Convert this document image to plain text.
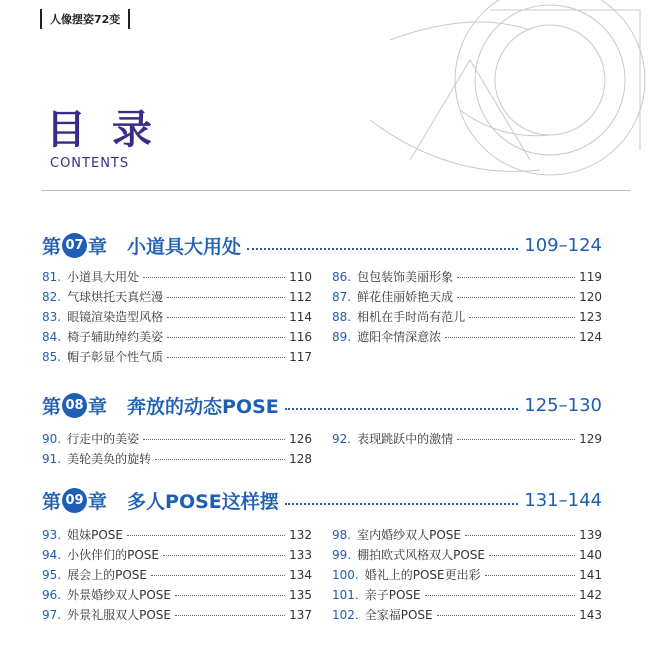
人像摆姿72变
目 录
CONTENTS
第 07 章 小道具大用处	109–124
81. 小道具大用处	110
82. 气球烘托天真烂漫	112
83. 眼镜渲染造型风格	114
84. 椅子辅助绰约美姿	116
85. 帽子彰显个性气质	117
86. 包包装饰美丽形象	119
87. 鲜花佳丽娇艳天成	120
88. 相机在手时尚有范儿	123
89. 遮阳伞情深意浓	124
第 08 章 奔放的动态POSE	125–130
90. 行走中的美姿	126
91. 美轮美奂的旋转	128
92. 表现跳跃中的激情	129
第 09 章 多人POSE这样摆	131–144
93. 姐妹POSE	132
94. 小伙伴们的POSE	133
95. 展会上的POSE	134
96. 外景婚纱双人POSE	135
97. 外景礼服双人POSE	137
98. 室内婚纱双人POSE	139
99. 棚拍欧式风格双人POSE	140
100. 婚礼上的POSE更出彩	141
101. 亲子POSE	142
102. 全家福POSE	143
